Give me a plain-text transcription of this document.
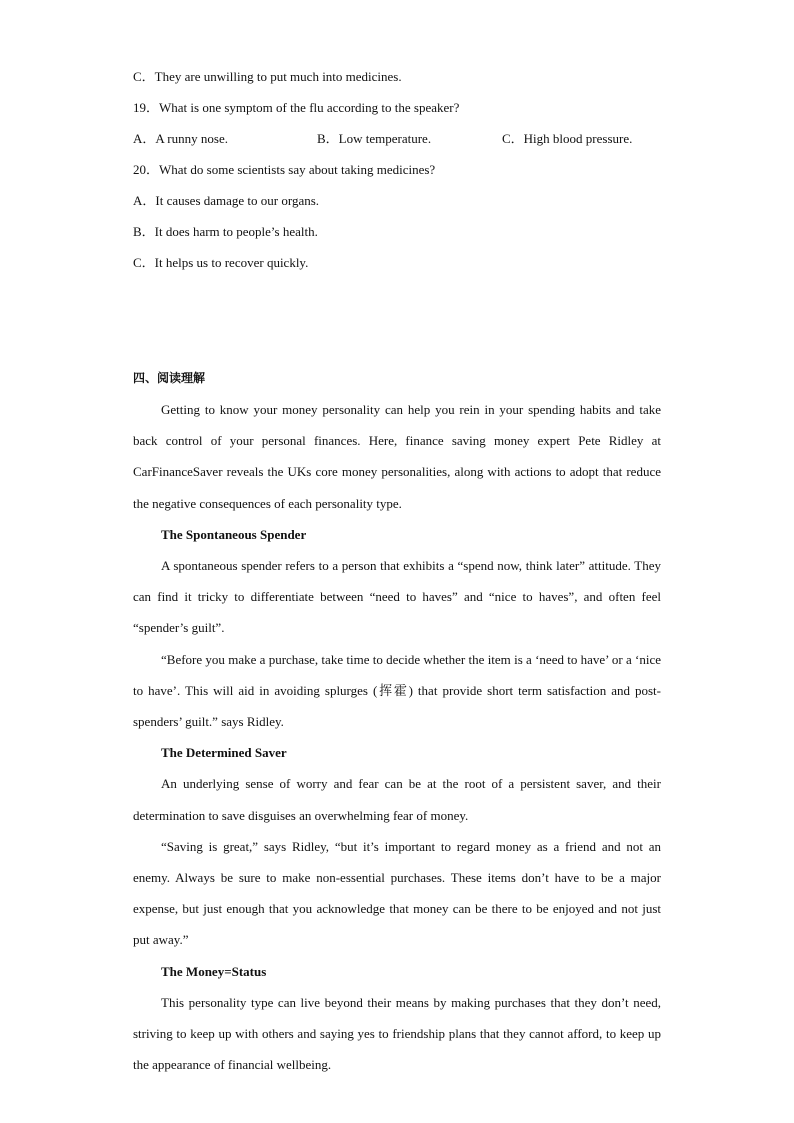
C．They are unwilling to put much into medicines.
19．What is one symptom of the flu according to the speaker?
A．A runny nose.	B．Low temperature.	C．High blood pressure.
20．What do some scientists say about taking medicines?
A．It causes damage to our organs.
B．It does harm to people’s health.
C．It helps us to recover quickly.
四、阅读理解

Getting to know your money personality can help you rein in your spending habits and take back control of your personal finances. Here, finance saving money expert Pete Ridley at CarFinanceSaver reveals the UKs core money personalities, along with actions to adopt that reduce the negative consequences of each personality type.

The Spontaneous Spender

A spontaneous spender refers to a person that exhibits a “spend now, think later” attitude. They can find it tricky to differentiate between “need to haves” and “nice to haves”, and often feel “spender’s guilt”.

“Before you make a purchase, take time to decide whether the item is a ‘need to have’ or a ‘nice to have’. This will aid in avoiding splurges (挥霍) that provide short term satisfaction and post-spenders’ guilt.” says Ridley.

The Determined Saver

An underlying sense of worry and fear can be at the root of a persistent saver, and their determination to save disguises an overwhelming fear of money.

“Saving is great,” says Ridley, “but it’s important to regard money as a friend and not an enemy. Always be sure to make non-essential purchases. These items don’t have to be a major expense, but just enough that you acknowledge that money can be there to be enjoyed and not just put away.”

The Money=Status

This personality type can live beyond their means by making purchases that they don’t need, striving to keep up with others and saying yes to friendship plans that they cannot afford, to keep up the appearance of financial wellbeing.
